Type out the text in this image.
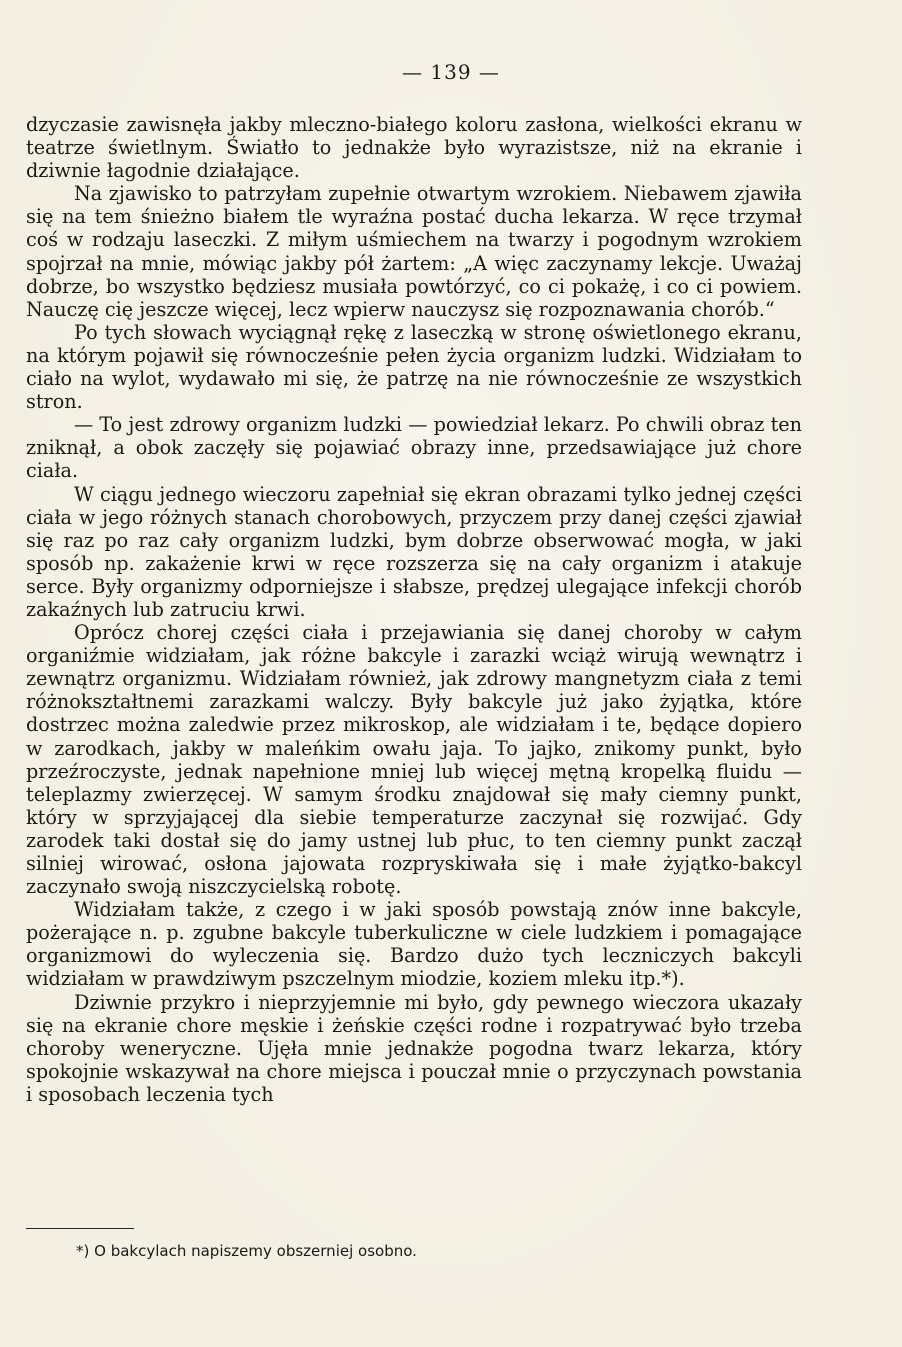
— 139 —

dzyczasie zawisnęła jakby mleczno-białego koloru zasłona, wielkości ekranu w teatrze świetlnym. Światło to jednakże było wyrazistsze, niż na ekranie i dziwnie łagodnie działające.

Na zjawisko to patrzyłam zupełnie otwartym wzrokiem. Niebawem zjawiła się na tem śnieżno białem tle wyraźna postać ducha lekarza. W ręce trzymał coś w rodzaju laseczki. Z miłym uśmiechem na twarzy i pogodnym wzrokiem spojrzał na mnie, mówiąc jakby pół żartem: „A więc zaczynamy lekcje. Uważaj dobrze, bo wszystko będziesz musiała powtórzyć, co ci pokażę, i co ci powiem. Nauczę cię jeszcze więcej, lecz wpierw nauczysz się rozpoznawania chorób.“

Po tych słowach wyciągnął rękę z laseczką w stronę oświetlonego ekranu, na którym pojawił się równocześnie pełen życia organizm ludzki. Widziałam to ciało na wylot, wydawało mi się, że patrzę na nie równocześnie ze wszystkich stron.

— To jest zdrowy organizm ludzki — powiedział lekarz. Po chwili obraz ten zniknął, a obok zaczęły się pojawiać obrazy inne, przedsawiające już chore ciała.

W ciągu jednego wieczoru zapełniał się ekran obrazami tylko jednej części ciała w jego różnych stanach chorobowych, przyczem przy danej części zjawiał się raz po raz cały organizm ludzki, bym dobrze obserwować mogła, w jaki sposób np. zakażenie krwi w ręce rozszerza się na cały organizm i atakuje serce. Były organizmy odporniejsze i słabsze, prędzej ulegające infekcji chorób zakaźnych lub zatruciu krwi.

Oprócz chorej części ciała i przejawiania się danej choroby w całym organiźmie widziałam, jak różne bakcyle i zarazki wciąż wirują wewnątrz i zewnątrz organizmu. Widziałam również, jak zdrowy mangnetyzm ciała z temi różnokształtnemi zarazkami walczy. Były bakcyle już jako żyjątka, które dostrzec można zaledwie przez mikroskop, ale widziałam i te, będące dopiero w zarodkach, jakby w maleńkim owału jaja. To jajko, znikomy punkt, było przeźroczyste, jednak napełnione mniej lub więcej mętną kropelką fluidu — teleplazmy zwierzęcej. W samym środku znajdował się mały ciemny punkt, który w sprzyjającej dla siebie temperaturze zaczynał się rozwijać. Gdy zarodek taki dostał się do jamy ustnej lub płuc, to ten ciemny punkt zaczął silniej wirować, osłona jajowata rozpryskiwała się i małe żyjątko-bakcyl zaczynało swoją niszczycielską robotę.

Widziałam także, z czego i w jaki sposób powstają znów inne bakcyle, pożerające n. p. zgubne bakcyle tuberkuliczne w ciele ludzkiem i pomagające organizmowi do wyleczenia się. Bardzo dużo tych leczniczych bakcyli widziałam w prawdziwym pszczelnym miodzie, koziem mleku itp.*).

Dziwnie przykro i nieprzyjemnie mi było, gdy pewnego wieczora ukazały się na ekranie chore męskie i żeńskie części rodne i rozpatrywać było trzeba choroby weneryczne. Ujęła mnie jednakże pogodna twarz lekarza, który spokojnie wskazywał na chore miejsca i pouczał mnie o przyczynach powstania i sposobach leczenia tych

*) O bakcylach napiszemy obszerniej osobno.
